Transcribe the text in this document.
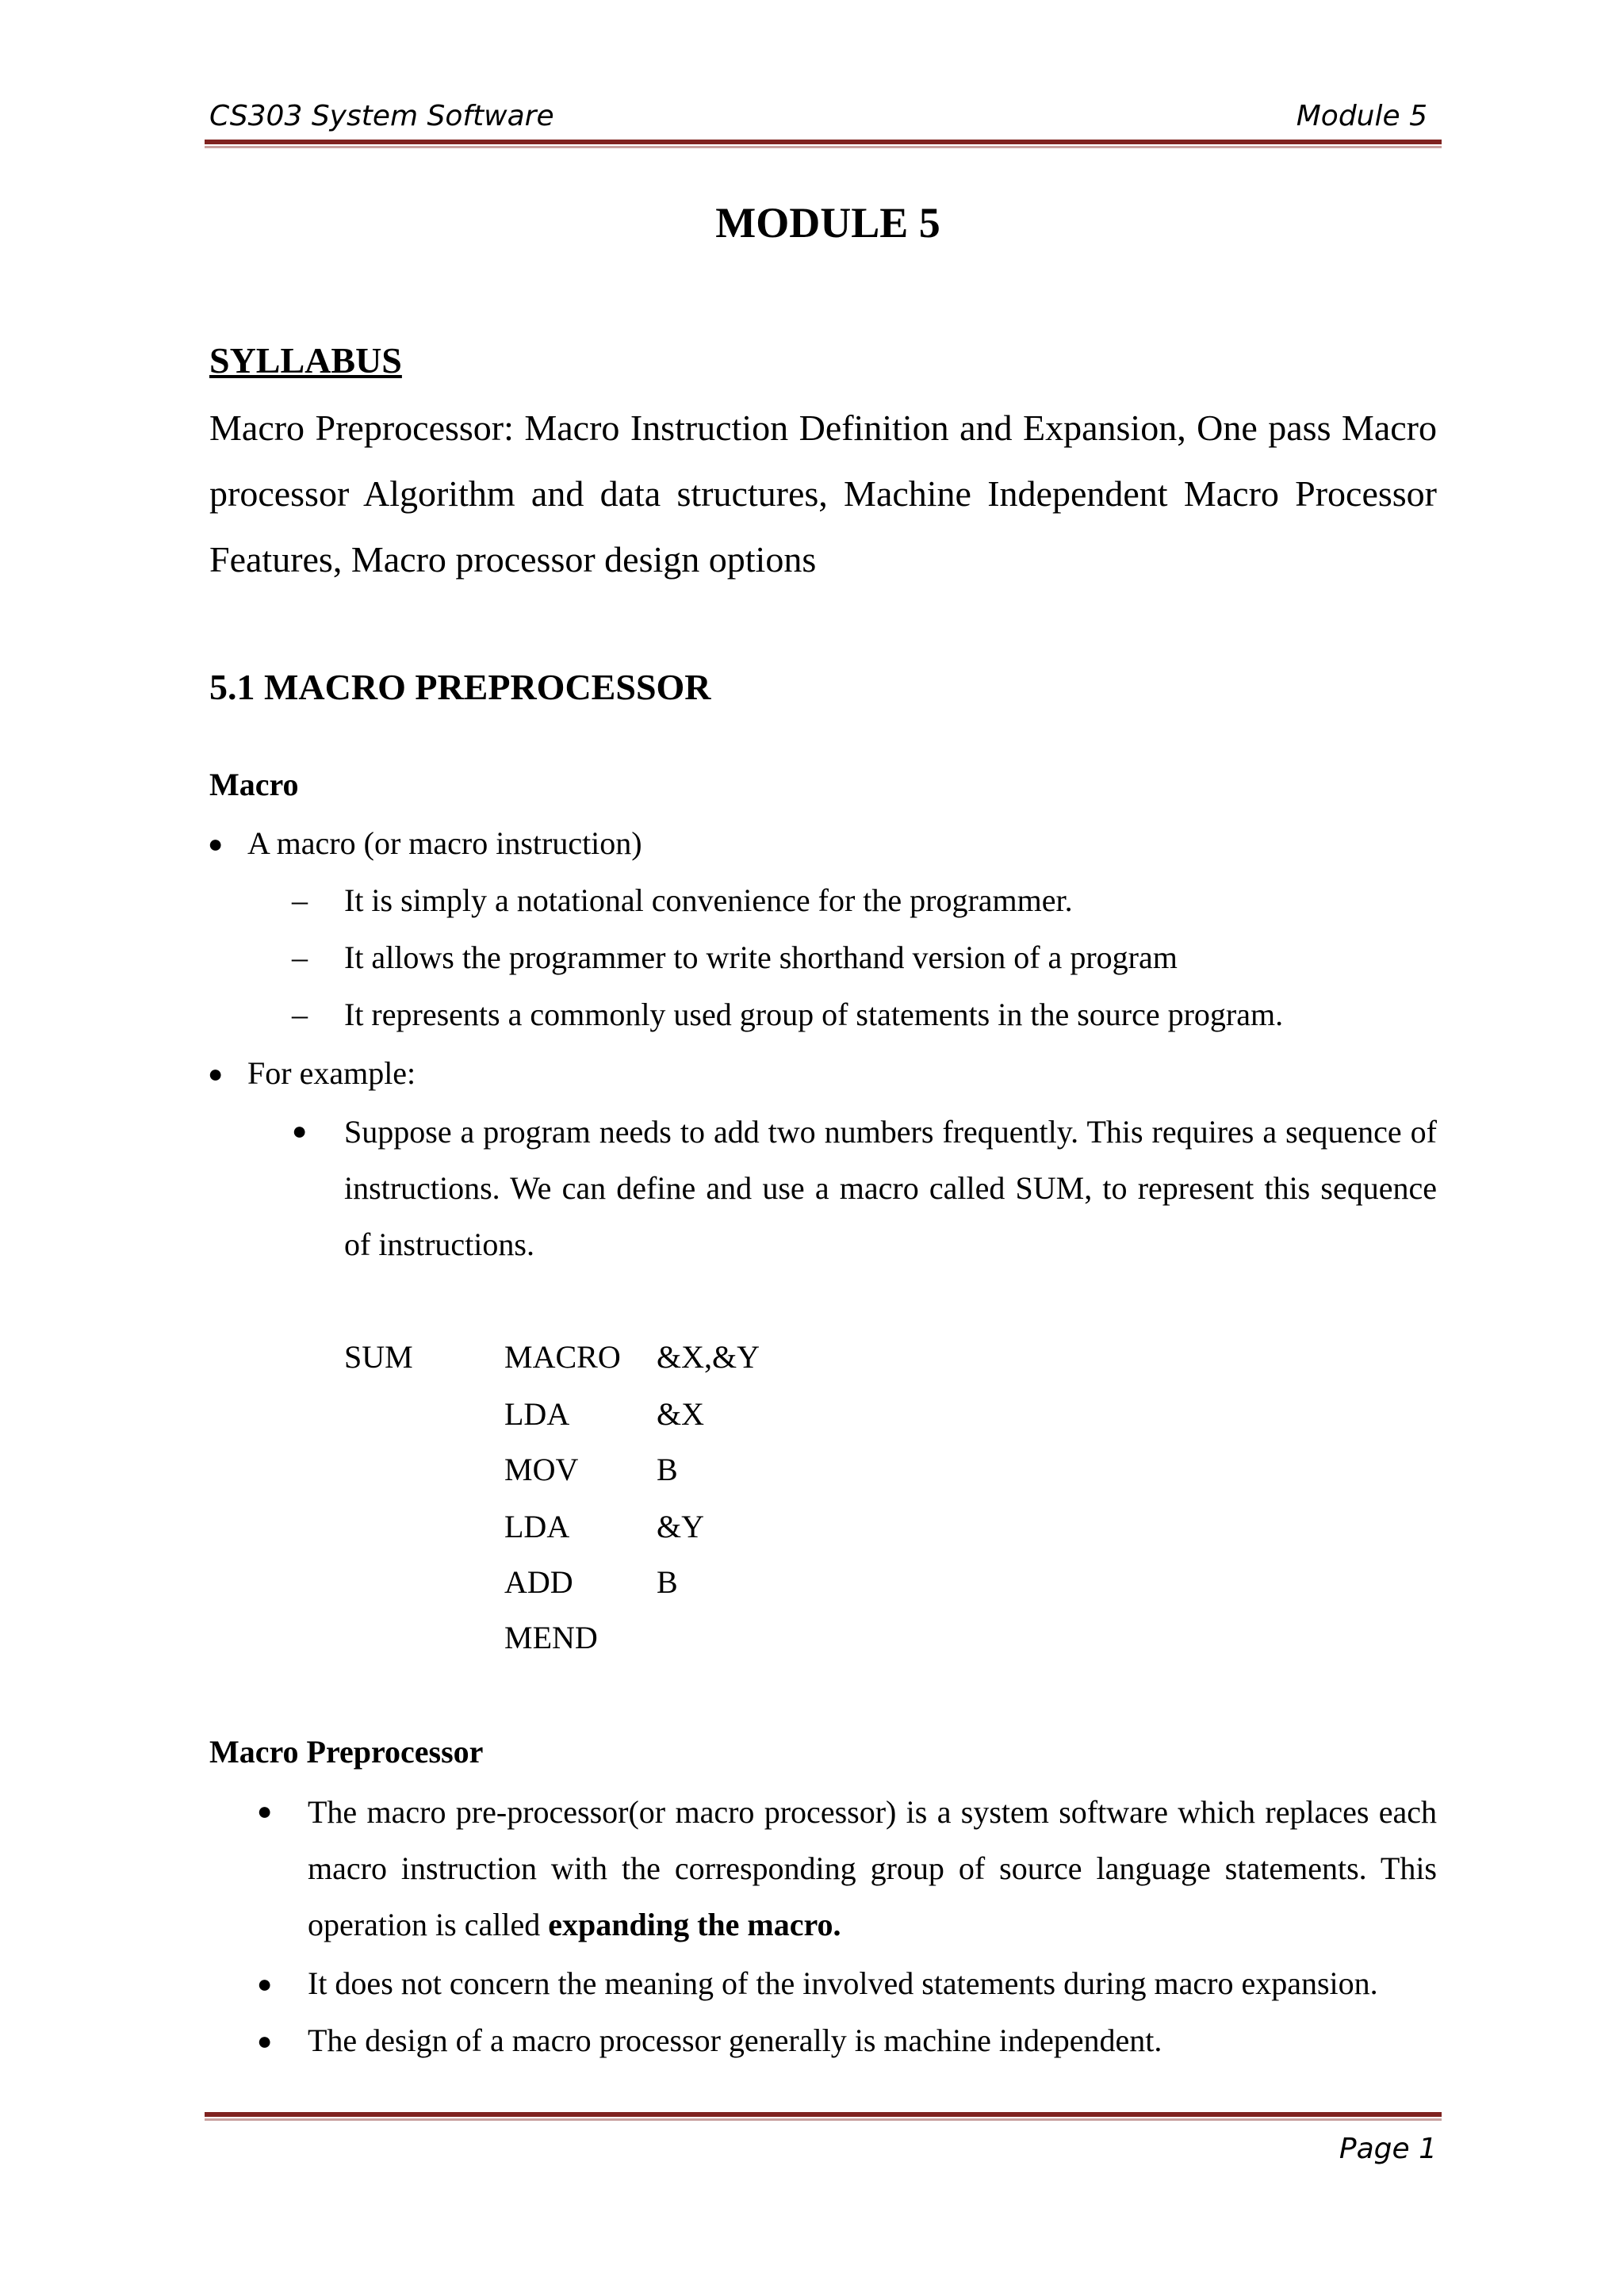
CS303 System Software	Module 5
MODULE 5
SYLLABUS

Macro Preprocessor: Macro Instruction Definition and Expansion, One pass Macro processor Algorithm and data structures, Machine Independent Macro Processor Features, Macro processor design options

5.1 MACRO PREPROCESSOR
Macro
● A macro (or macro instruction)
– It is simply a notational convenience for the programmer.
– It allows the programmer to write shorthand version of a program
– It represents a commonly used group of statements in the source program.
● For example:
● Suppose a program needs to add two numbers frequently. This requires a sequence of instructions. We can define and use a macro called SUM, to represent this sequence of instructions.

SUM	MACRO &X,&Y
LDA	&X
MOV B
LDA	&Y
ADD	B
MEND
Macro Preprocessor
● The macro pre-processor(or macro processor) is a system software which replaces each macro instruction with the corresponding group of source language statements. This operation is called expanding the macro.

● It does not concern the meaning of the involved statements during macro expansion.
● The design of a macro processor generally is machine independent.
Page 1
